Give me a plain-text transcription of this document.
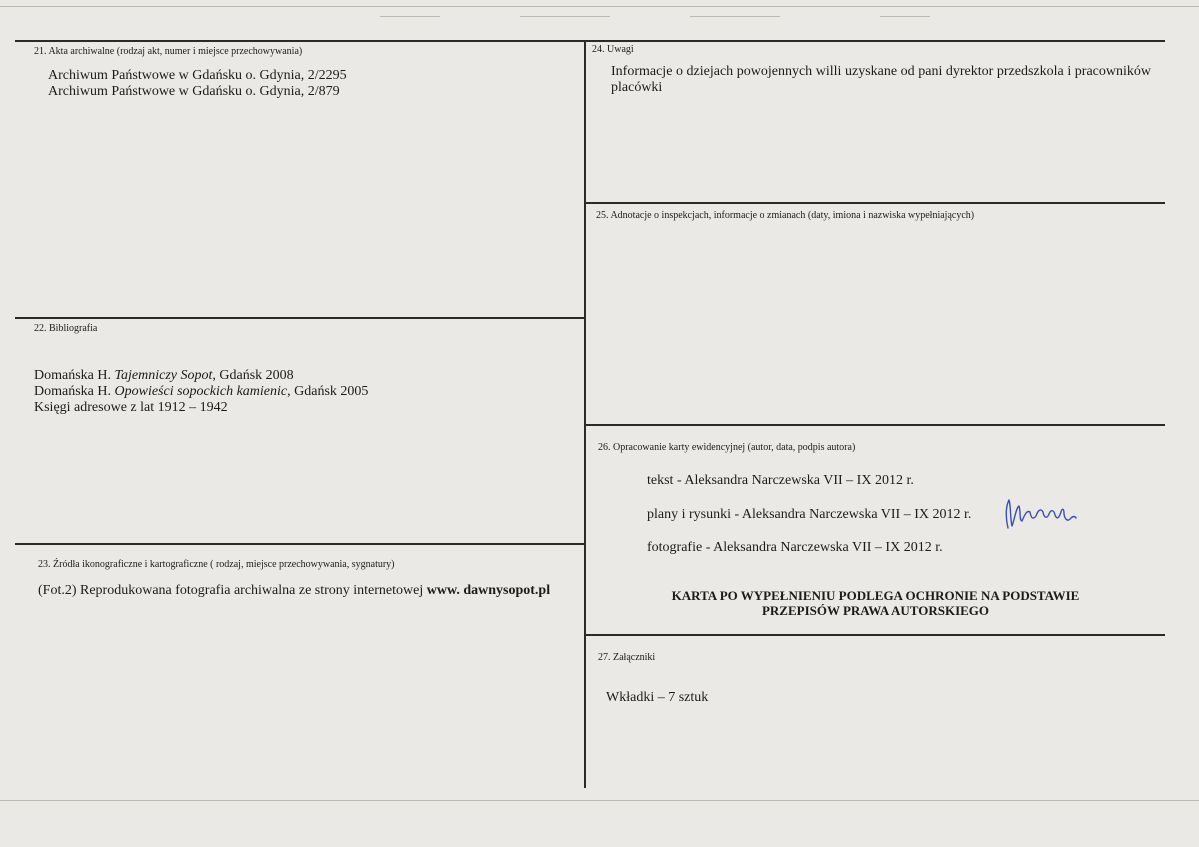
21. Akta archiwalne (rodzaj akt, numer i miejsce przechowywania)
Archiwum Państwowe w Gdańsku o. Gdynia, 2/2295
Archiwum Państwowe w Gdańsku o. Gdynia, 2/879
22. Bibliografia
Domańska H. Tajemniczy Sopot, Gdańsk 2008
Domańska H. Opowieści sopockich kamienic, Gdańsk 2005
Księgi adresowe z lat 1912 – 1942
23. Źródła ikonograficzne i kartograficzne ( rodzaj, miejsce przechowywania, sygnatury)
(Fot.2) Reprodukowana fotografia archiwalna ze strony internetowej www. dawnysopot.pl
24. Uwagi
Informacje o dziejach powojennych willi uzyskane od pani dyrektor przedszkola i pracowników placówki
25. Adnotacje o inspekcjach, informacje o zmianach (daty, imiona i nazwiska wypełniających)
26. Opracowanie karty ewidencyjnej (autor, data, podpis autora)
tekst - Aleksandra Narczewska VII – IX 2012 r.
plany i rysunki - Aleksandra Narczewska VII – IX 2012 r.
fotografie - Aleksandra Narczewska VII – IX 2012 r.
KARTA PO WYPEŁNIENIU PODLEGA OCHRONIE NA PODSTAWIE
PRZEPISÓW PRAWA AUTORSKIEGO
27. Załączniki
Wkładki – 7 sztuk
